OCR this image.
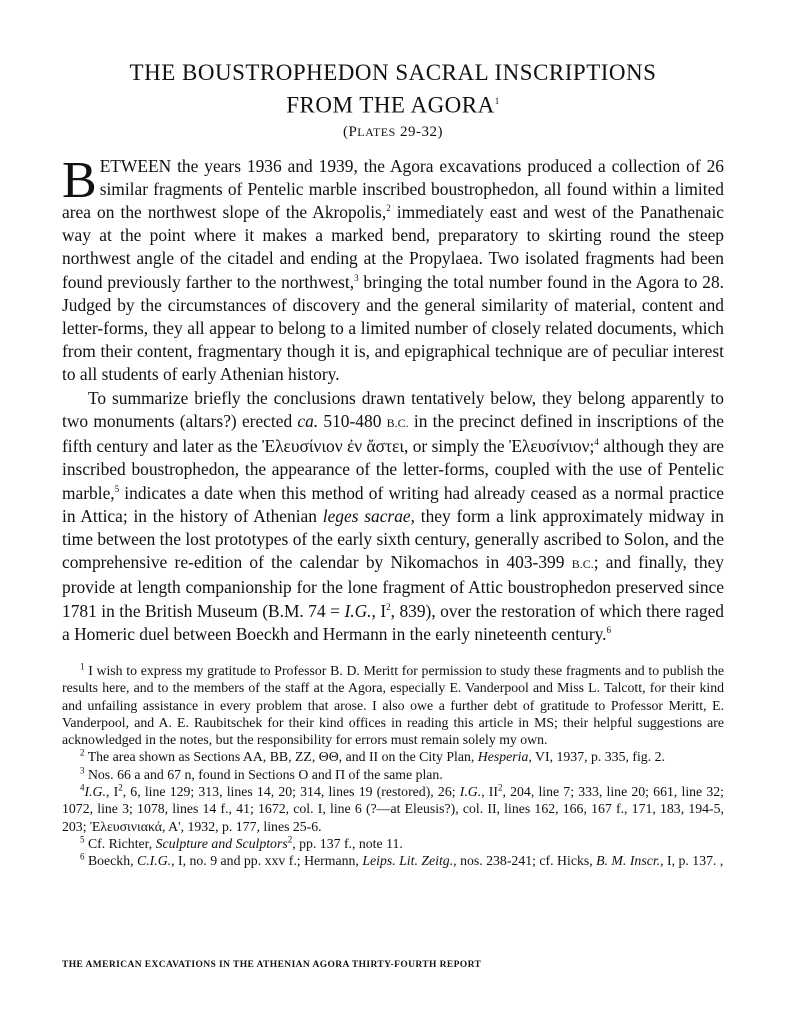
THE BOUSTROPHEDON SACRAL INSCRIPTIONS
FROM THE AGORA$^1$
(PLATES 29-32)

BETWEEN the years 1936 and 1939, the Agora excavations produced a collection of 26 similar fragments of Pentelic marble inscribed boustrophedon, all found within a limited area on the northwest slope of the Akropolis,$^2$ immediately east and west of the Panathenaic way at the point where it makes a marked bend, preparatory to skirting round the steep northwest angle of the citadel and ending at the Propylaea. Two isolated fragments had been found previously farther to the northwest,$^3$ bringing the total number found in the Agora to 28. Judged by the circumstances of discovery and the general similarity of material, content and letter-forms, they all appear to belong to a limited number of closely related documents, which from their content, fragmentary though it is, and epigraphical technique are of peculiar interest to all students of early Athenian history.

To summarize briefly the conclusions drawn tentatively below, they belong apparently to two monuments (altars?) erected ca. 510-480 B.C. in the precinct defined in inscriptions of the fifth century and later as the Ἐλευσίνιον ἐν ἄστει, or simply the Ἐλευσίνιον;$^4$ although they are inscribed boustrophedon, the appearance of the letter-forms, coupled with the use of Pentelic marble,$^5$ indicates a date when this method of writing had already ceased as a normal practice in Attica; in the history of Athenian leges sacrae, they form a link approximately midway in time between the lost prototypes of the early sixth century, generally ascribed to Solon, and the comprehensive re-edition of the calendar by Nikomachos in 403-399 B.C.; and finally, they provide at length companionship for the lone fragment of Attic boustrophedon preserved since 1781 in the British Museum (B.M. 74 = I.G., I$^2$, 839), over the restoration of which there raged a Homeric duel between Boeckh and Hermann in the early nineteenth century.$^6$

$^1$ I wish to express my gratitude to Professor B. D. Meritt for permission to study these fragments and to publish the results here, and to the members of the staff at the Agora, especially E. Vanderpool and Miss L. Talcott, for their kind and unfailing assistance in every problem that arose. I also owe a further debt of gratitude to Professor Meritt, E. Vanderpool, and A. E. Raubitschek for their kind offices in reading this article in MS; their helpful suggestions are acknowledged in the notes, but the responsibility for errors must remain solely my own.

$^2$ The area shown as Sections AA, BB, ZZ, ΘΘ, and II on the City Plan, Hesperia, VI, 1937, p. 335, fig. 2.

$^3$ Nos. 66 a and 67 n, found in Sections O and Π of the same plan.

$^4$I.G., I$^2$, 6, line 129; 313, lines 14, 20; 314, lines 19 (restored), 26; I.G., II$^2$, 204, line 7; 333, line 20; 661, line 32; 1072, line 3; 1078, lines 14 f., 41; 1672, col. I, line 6 (?—at Eleusis?), col. II, lines 162, 166, 167 f., 171, 183, 194-5, 203; Ἐλευσινιακά, Α', 1932, p. 177, lines 25-6.

$^5$ Cf. Richter, Sculpture and Sculptors$^2$, pp. 137 f., note 11.

$^6$ Boeckh, C.I.G., I, no. 9 and pp. xxv f.; Hermann, Leips. Lit. Zeitg., nos. 238-241; cf. Hicks, B. M. Inscr., I, p. 137. ,

THE AMERICAN EXCAVATIONS IN THE ATHENIAN AGORA THIRTY-FOURTH REPORT
